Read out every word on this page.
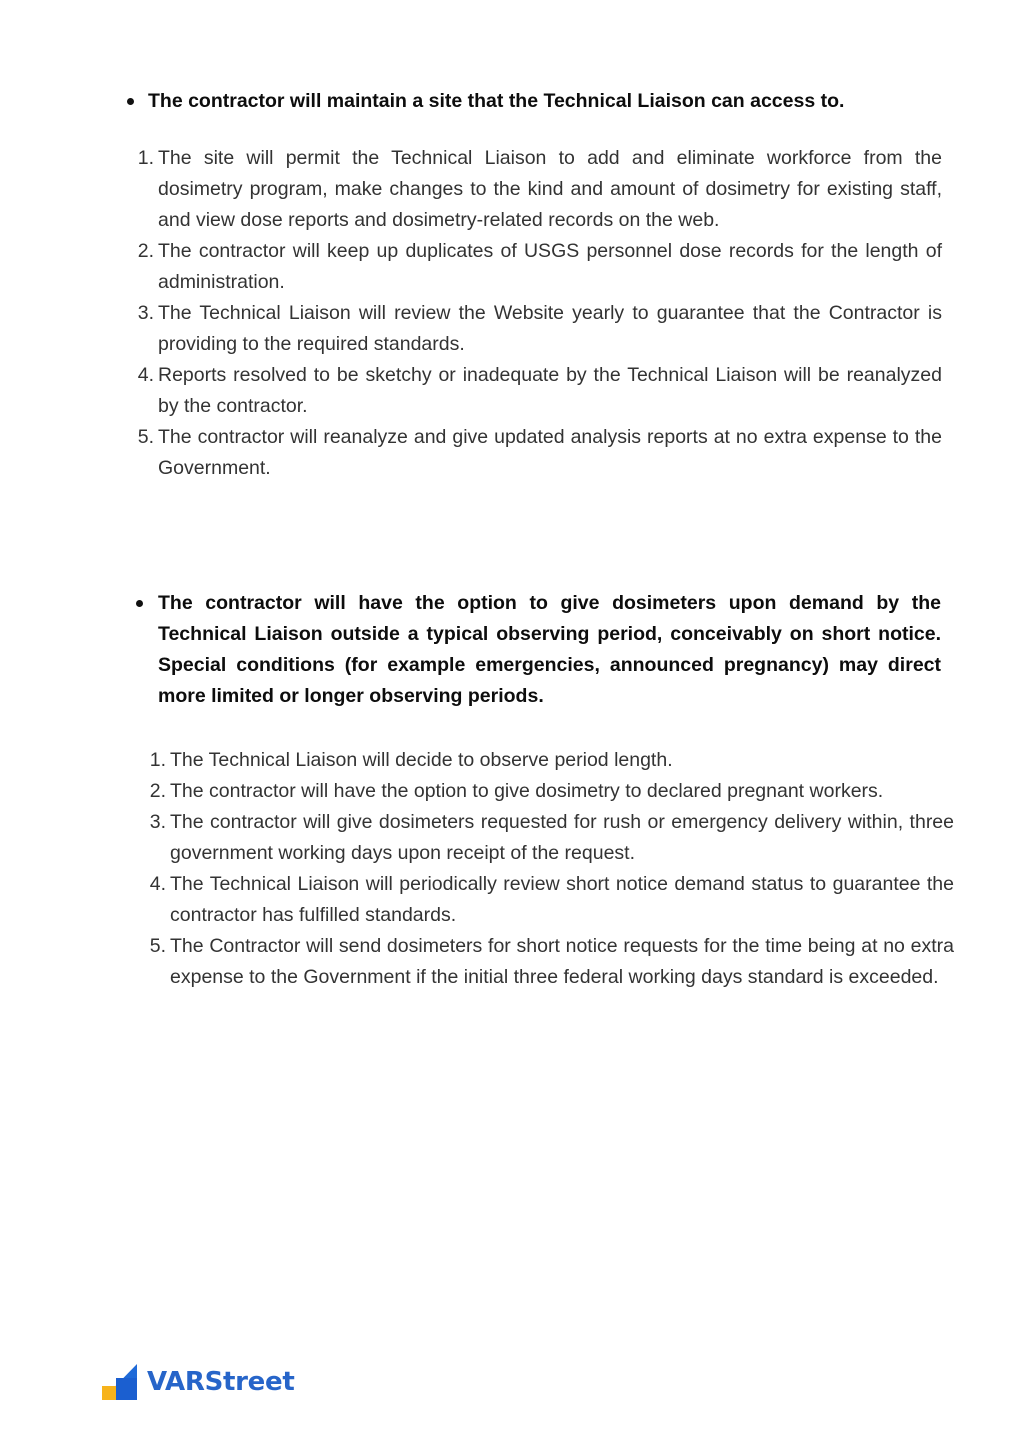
The contractor will maintain a site that the Technical Liaison can access to.
1. The site will permit the Technical Liaison to add and eliminate workforce from the dosimetry program, make changes to the kind and amount of dosimetry for existing staff, and view dose reports and dosimetry-related records on the web.
2. The contractor will keep up duplicates of USGS personnel dose records for the length of administration.
3. The Technical Liaison will review the Website yearly to guarantee that the Contractor is providing to the required standards.
4. Reports resolved to be sketchy or inadequate by the Technical Liaison will be reanalyzed by the contractor.
5. The contractor will reanalyze and give updated analysis reports at no extra expense to the Government.
The contractor will have the option to give dosimeters upon demand by the Technical Liaison outside a typical observing period, conceivably on short notice. Special conditions (for example emergencies, announced pregnancy) may direct more limited or longer observing periods.
1. The Technical Liaison will decide to observe period length.
2. The contractor will have the option to give dosimetry to declared pregnant workers.
3. The contractor will give dosimeters requested for rush or emergency delivery within, three government working days upon receipt of the request.
4. The Technical Liaison will periodically review short notice demand status to guarantee the contractor has fulfilled standards.
5. The Contractor will send dosimeters for short notice requests for the time being at no extra expense to the Government if the initial three federal working days standard is exceeded.
VARStreet
